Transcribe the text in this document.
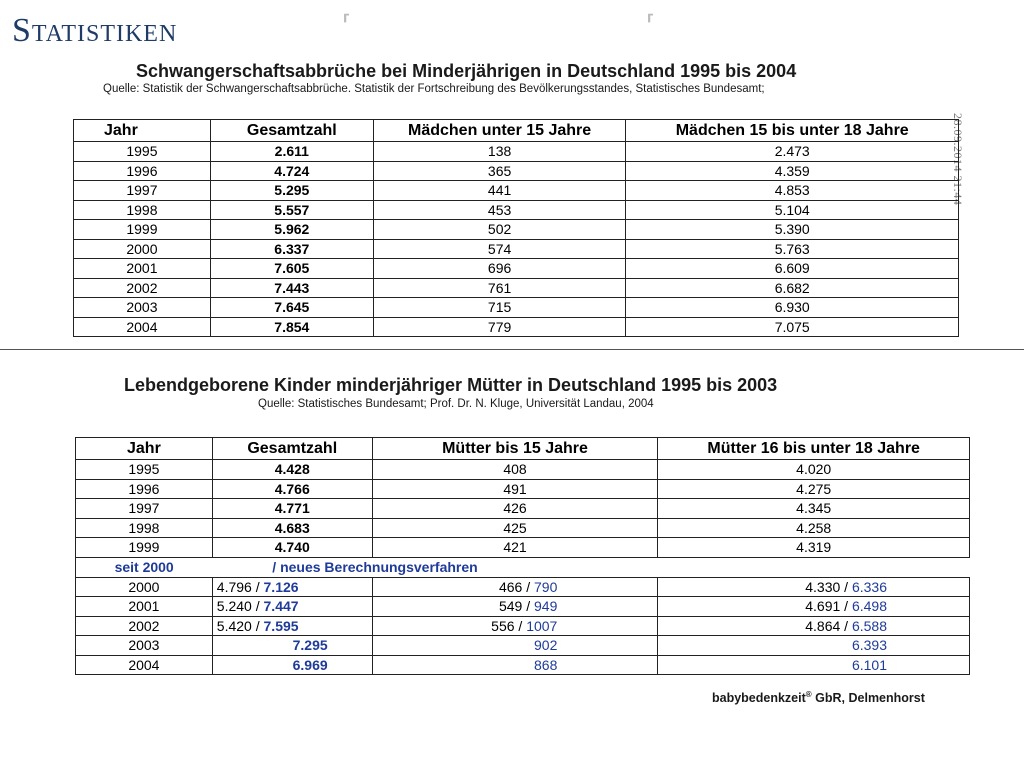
Statistiken	⸢	⸢
Schwangerschaftsabbrüche bei Minderjährigen in Deutschland 1995 bis 2004
Quelle: Statistik der Schwangerschaftsabbrüche. Statistik der Fortschreibung des Bevölkerungsstandes, Statistisches Bundesamt;
28.09.2014 21:44
Jahr	Gesamtzahl	Mädchen unter 15 Jahre	Mädchen 15 bis unter 18 Jahre
1995	2.611	138	2.473
1996	4.724	365	4.359
1997	5.295	441	4.853
1998	5.557	453	5.104
1999	5.962	502	5.390
2000	6.337	574	5.763
2001	7.605	696	6.609
2002	7.443	761	6.682
2003	7.645	715	6.930
2004	7.854	779	7.075
Lebendgeborene Kinder minderjähriger Mütter in Deutschland 1995 bis 2003
Quelle: Statistisches Bundesamt; Prof. Dr. N. Kluge, Universität Landau, 2004
Jahr	Gesamtzahl	Mütter bis 15 Jahre	Mütter 16 bis unter 18 Jahre
1995	4.428	408	4.020
1996	4.766	491	4.275
1997	4.771	426	4.345
1998	4.683	425	4.258
1999	4.740	421	4.319
seit 2000	/ neues Berechnungsverfahren		
2000	4.796 / 7.126	466 / 790	4.330 / 6.336
2001	5.240 / 7.447	549 / 949	4.691 / 6.498
2002	5.420 / 7.595	556 / 1007	4.864 / 6.588
2003	7.295	902	6.393
2004	6.969	868	6.101
babybedenkzeit® GbR, Delmenhorst
